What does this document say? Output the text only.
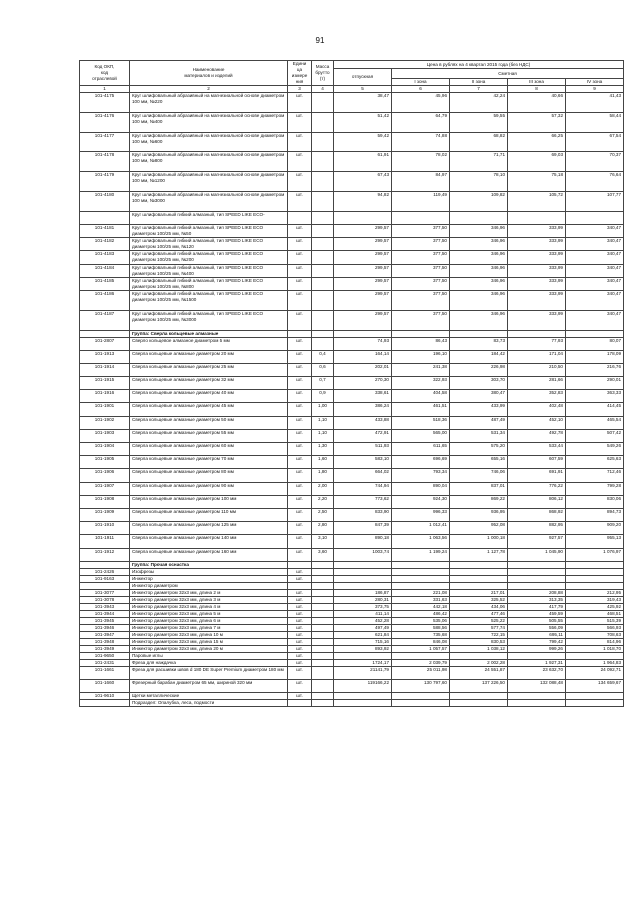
91
Код ОКП,
код
отраслевой	Наименование
материалов и изделий	Едини
ца
измере
ния	Масса
брутто
(т)	Цена в рублях на 4 квартал 2015 года (без НДС)				
				отпускная	Сметная			
					I зона	II зона	III зона	IV зона
1	2	3	4	5	6	7	8	9
101-4175	Круг шлифовальный абразивный на магнезиальной основе диаметром 100 мм, №220	шт.		38,47	45,96	42,24	40,66	41,43
101-4176	Круг шлифовальный абразивный на магнезиальной основе диаметром 100 мм, №400	шт.		51,42	64,79	59,55	57,32	58,44
101-4177	Круг шлифовальный абразивный на магнезиальной основе диаметром 100 мм, №600	шт.		59,42	74,88	68,82	66,25	67,54
101-4178	Круг шлифовальный абразивный на магнезиальной основе диаметром 100 мм, №800	шт.		61,91	78,02	71,71	69,03	70,37
101-4179	Круг шлифовальный абразивный на магнезиальной основе диаметром 100 мм, №1200	шт.		67,43	84,97	78,10	75,18	76,64
101-4180	Круг шлифовальный абразивный на магнезиальной основе диаметром 100 мм, №3000	шт.		94,82	119,49	109,82	105,72	107,77
	Круг шлифовальный гибкий алмазный, тип SPEED LIKE ECO-							
101-4181	Круг шлифовальный гибкий алмазный, тип SPEED LIKE ECO диаметром 100/25 мм, №50	шт.		299,57	377,50	346,96	333,99	340,47
101-4182	Круг шлифовальный гибкий алмазный, тип SPEED LIKE ECO диаметром 100/25 мм, №120	шт.		299,57	377,50	346,96	333,99	340,47
101-4183	Круг шлифовальный гибкий алмазный, тип SPEED LIKE ECO диаметром 100/25 мм, №200	шт.		299,57	377,50	346,96	333,99	340,47
101-4184	Круг шлифовальный гибкий алмазный, тип SPEED LIKE ECO диаметром 100/25 мм, №400	шт.		299,57	377,50	346,96	333,99	340,47
101-4185	Круг шлифовальный гибкий алмазный, тип SPEED LIKE ECO диаметром 100/25 мм, №800	шт.		299,57	377,50	346,96	333,99	340,47
101-4186	Круг шлифовальный гибкий алмазный, тип SPEED LIKE ECO диаметром 100/25 мм, №1500	шт.		299,57	377,50	346,96	333,99	340,47
101-4187	Круг шлифовальный гибкий алмазный, тип SPEED LIKE ECO диаметром 100/25 мм, №3000	шт.		299,57	377,50	346,96	333,99	340,47
	Группа: Сверла кольцевые алмазные							
101-2807	Сверло кольцевое алмазное диаметром 5 мм	шт.		74,93	86,43	83,73	77,93	80,07
101-1913	Сверла кольцевые алмазные диаметром 20 мм	шт.	0,4	164,14	196,10	184,42	171,04	178,09
101-1914	Сверла кольцевые алмазные диаметром 25 мм	шт.	0,6	202,01	241,38	226,98	210,50	216,76
101-1915	Сверла кольцевые алмазные диаметром 32 мм	шт.	0,7	270,30	322,93	303,70	281,66	290,01
101-1916	Сверла кольцевые алмазные диаметром 40 мм	шт.	0,9	338,61	404,58	380,47	352,83	363,33
101-1901	Сверла кольцевые алмазные диаметром 45 мм	шт.	1,00	386,24	461,51	433,99	402,48	414,45
101-1902	Сверла кольцевые алмазные диаметром 50 мм	шт.	1,10	433,88	518,36	487,49	452,10	465,54
101-1903	Сверла кольцевые алмазные диаметром 55 мм	шт.	1,10	472,91	565,00	531,34	492,78	507,42
101-1904	Сверла кольцевые алмазные диаметром 60 мм	шт.	1,30	511,93	611,65	575,20	533,44	549,26
101-1905	Сверла кольцевые алмазные диаметром 70 мм	шт.	1,60	583,10	696,69	655,16	607,59	625,63
101-1906	Сверла кольцевые алмазные диаметром 80 мм	шт.	1,80	664,02	793,34	746,06	691,91	712,46
101-1907	Сверла кольцевые алмазные диаметром 90 мм	шт.	2,00	744,94	890,04	837,01	776,22	799,28
101-1908	Сверла кольцевые алмазные диаметром 100 мм	шт.	2,20	773,62	924,30	869,22	806,12	830,06
101-1909	Сверла кольцевые алмазные диаметром 110 мм	шт.	2,50	833,90	996,33	936,95	868,92	894,73
101-1910	Сверла кольцевые алмазные диаметром 125 мм	шт.	2,80	847,39	1 012,41	952,08	882,95	909,20
101-1911	Сверла кольцевые алмазные диаметром 140 мм	шт.	3,10	890,18	1 063,56	1 000,18	927,57	955,13
101-1912	Сверла кольцевые алмазные диаметром 160 мм	шт.	3,60	1003,74	1 199,24	1 127,78	1 045,90	1 076,97
	Группа: Прочая оснастка							
101-2426	Изофрезы	шт.						
101-9163	Инжектор	шт.						
	Инжектор диаметром							
101-3077	Инжектор диаметром 32х3 мм, длина 2 м	шт.		186,87	221,08	217,01	208,88	212,95
101-3078	Инжектор диаметром 32х3 мм, длина 3 м	шт.		280,31	331,63	325,52	313,35	319,43
101-3943	Инжектор диаметром 32х3 мм, длина 4 м	шт.		373,75	442,18	434,06	417,79	425,92
101-3944	Инжектор диаметром 32х3 мм, длина 5 м	шт.		411,14	486,42	477,46	459,59	468,51
101-3945	Инжектор диаметром 32х3 мм, длина 6 м	шт.		452,28	535,06	525,22	505,55	515,39
101-3946	Инжектор диаметром 32х3 мм, длина 7 м	шт.		497,49	588,56	577,74	556,09	566,93
101-3947	Инжектор диаметром 32х3 мм, длина 10 м	шт.		621,84	735,68	722,15	695,11	708,63
101-3948	Инжектор диаметром 32х3 мм, длина 15 м	шт.		715,16	846,08	830,53	799,42	814,96
101-3949	Инжектор диаметром 32х3 мм, длина 20 м	шт.		893,92	1 057,57	1 038,12	999,26	1 018,70
101-9650	Паровые иглы	шт.						
101-2431	Фреза для наждачка	шт.		1724,17	2 039,79	2 002,28	1 927,31	1 964,83
101-1661	Фреза для расшивки швов d 180 DE Super Premium диаметром 180 мм	шт.		21141,79	25 011,98	24 551,87	23 632,70	24 092,71
101-1660	Фрезерный барабан диаметром 65 мм, шириной 320 мм	шт.		119166,22	130 797,60	137 226,50	132 088,48	134 659,67
101-9610	Щетки металлические	шт.						
	Подраздел: Опалубка, леса, подмости							
